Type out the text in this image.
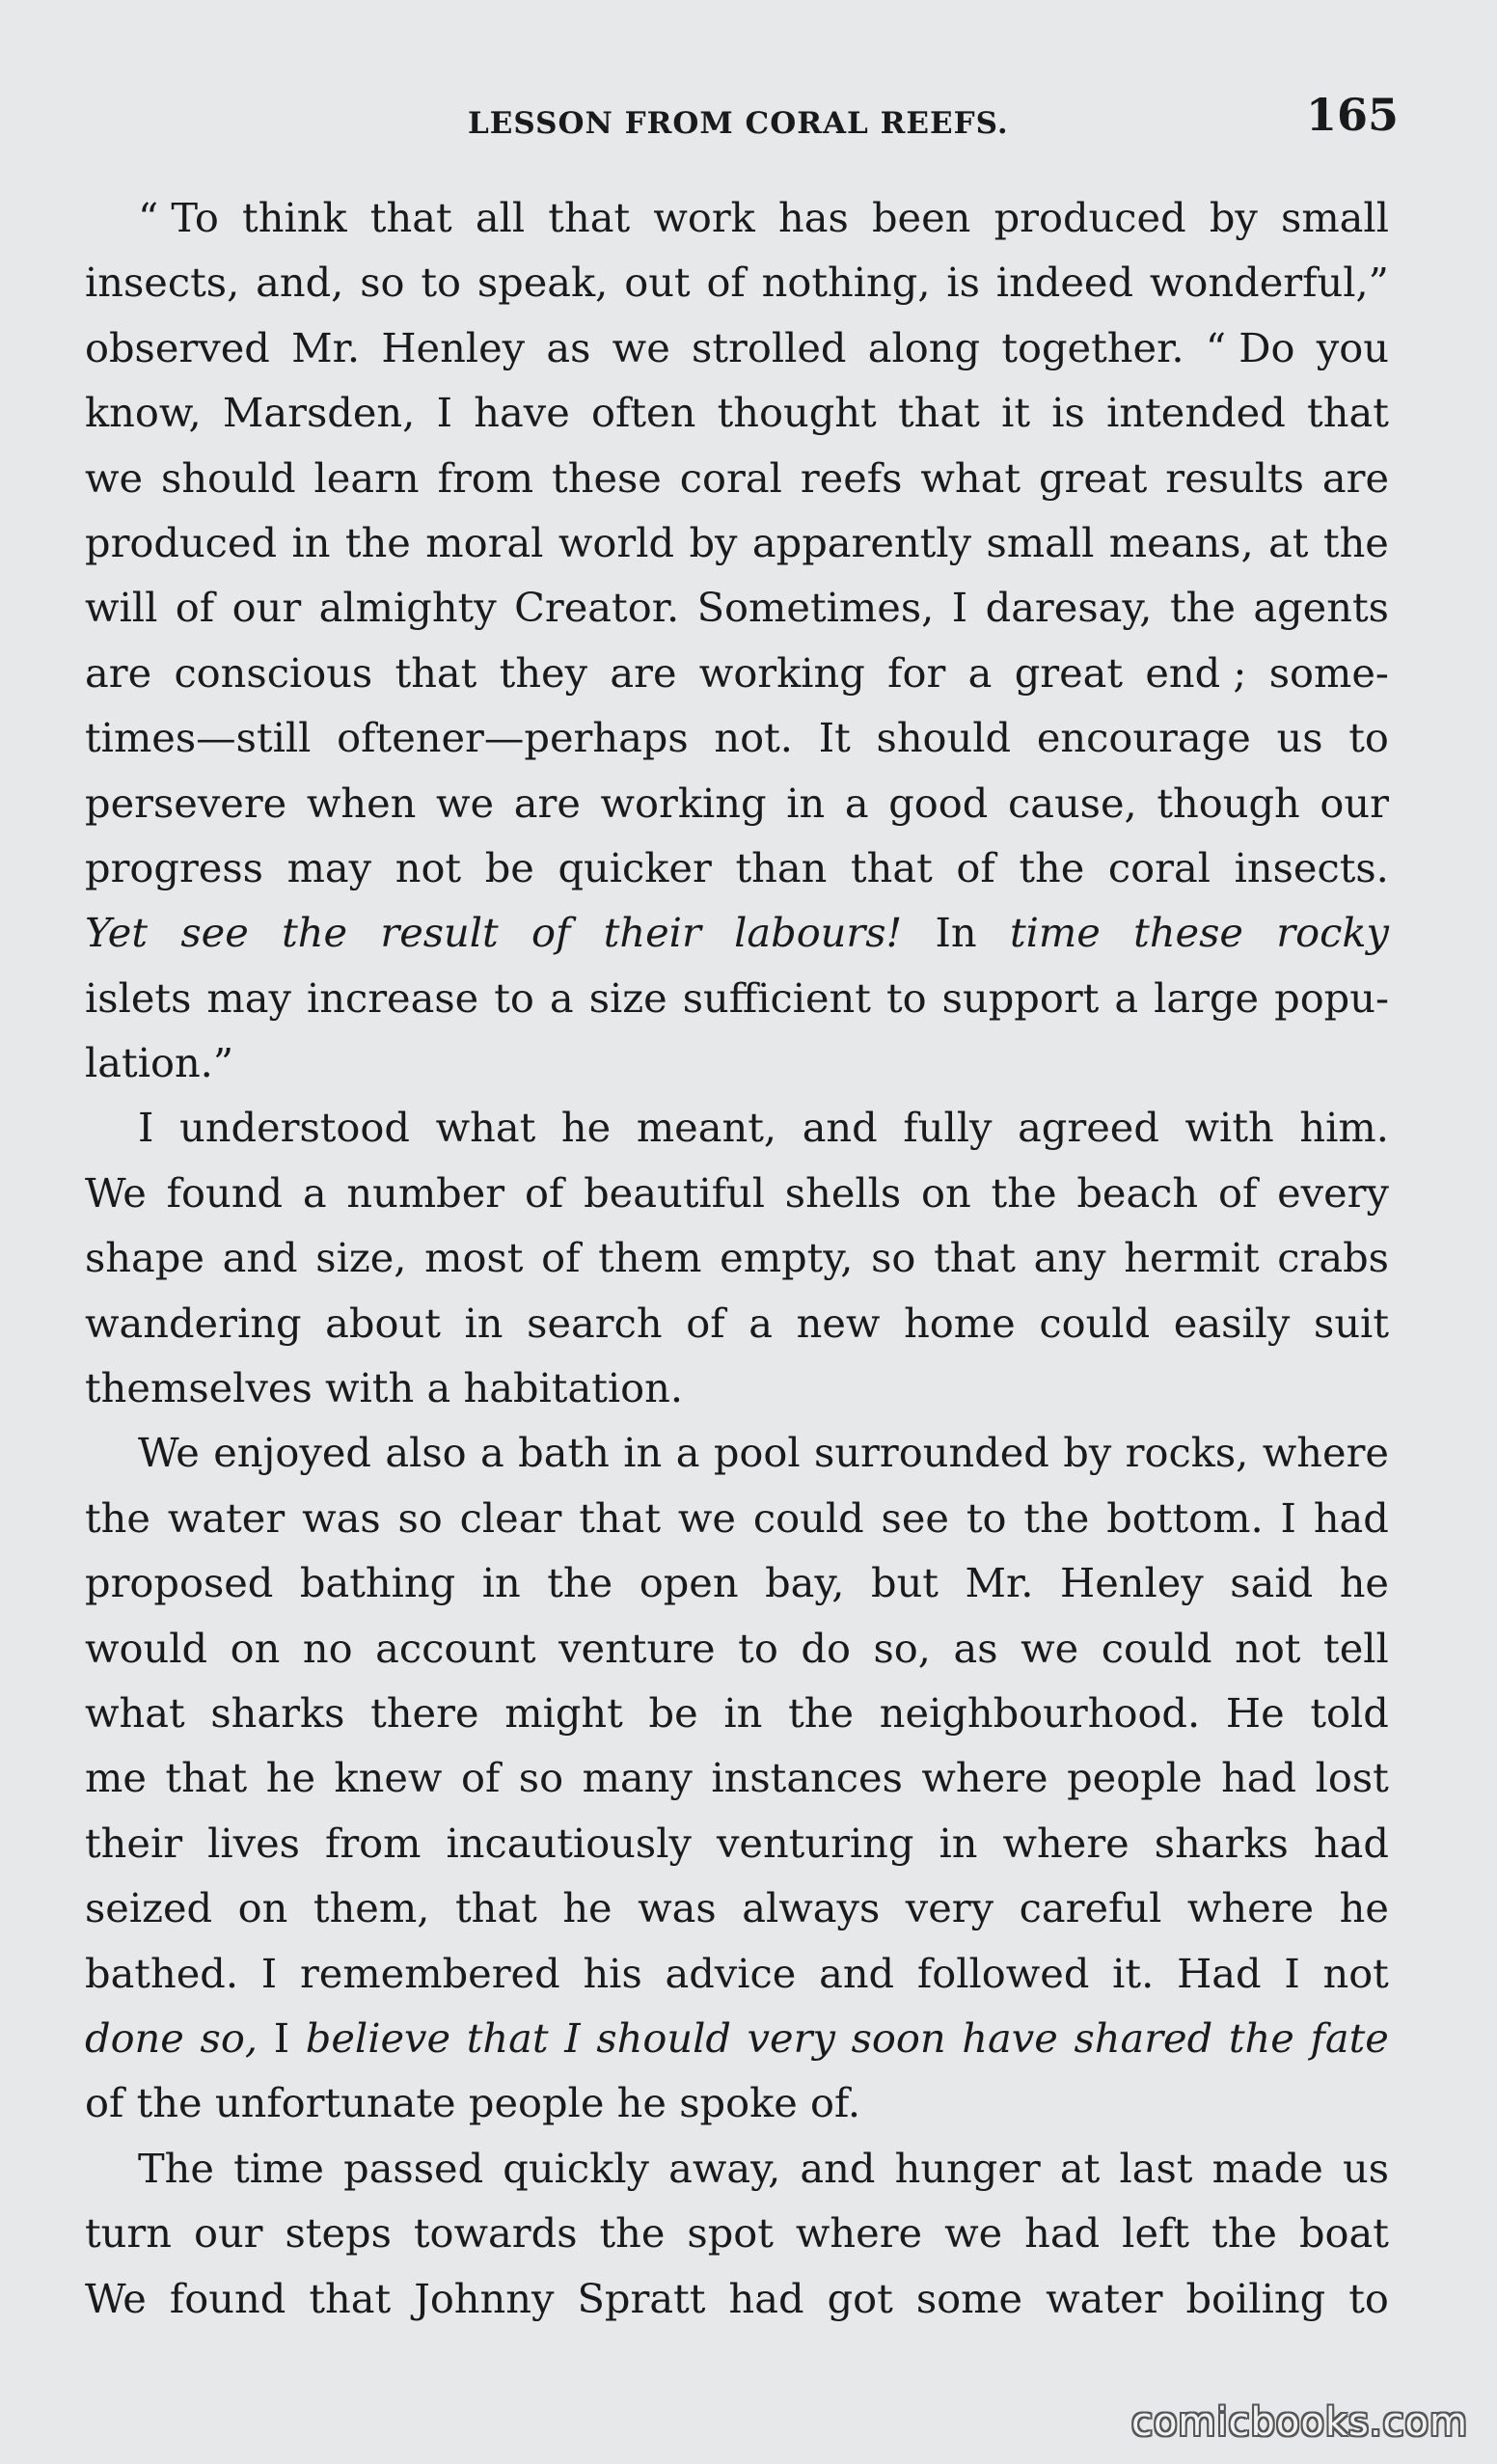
LESSON FROM CORAL REEFS.	165
“ To think that all that work has been produced by small
insects, and, so to speak, out of nothing, is indeed wonderful,”
observed Mr. Henley as we strolled along together. “ Do you
know, Marsden, I have often thought that it is intended that
we should learn from these coral reefs what great results are
produced in the moral world by apparently small means, at the
will of our almighty Creator. Sometimes, I daresay, the agents
are conscious that they are working for a great end ; some-
times—still oftener—perhaps not. It should encourage us to
persevere when we are working in a good cause, though our
progress may not be quicker than that of the coral insects.
Yet see the result of their labours! In time these rocky
islets may increase to a size sufficient to support a large popu-
lation.”
I understood what he meant, and fully agreed with him.
We found a number of beautiful shells on the beach of every
shape and size, most of them empty, so that any hermit crabs
wandering about in search of a new home could easily suit
themselves with a habitation.
We enjoyed also a bath in a pool surrounded by rocks, where
the water was so clear that we could see to the bottom. I had
proposed bathing in the open bay, but Mr. Henley said he
would on no account venture to do so, as we could not tell
what sharks there might be in the neighbourhood. He told
me that he knew of so many instances where people had lost
their lives from incautiously venturing in where sharks had
seized on them, that he was always very careful where he
bathed. I remembered his advice and followed it. Had I not
done so, I believe that I should very soon have shared the fate
of the unfortunate people he spoke of.
The time passed quickly away, and hunger at last made us
turn our steps towards the spot where we had left the boat
We found that Johnny Spratt had got some water boiling to
comicbooks.com
